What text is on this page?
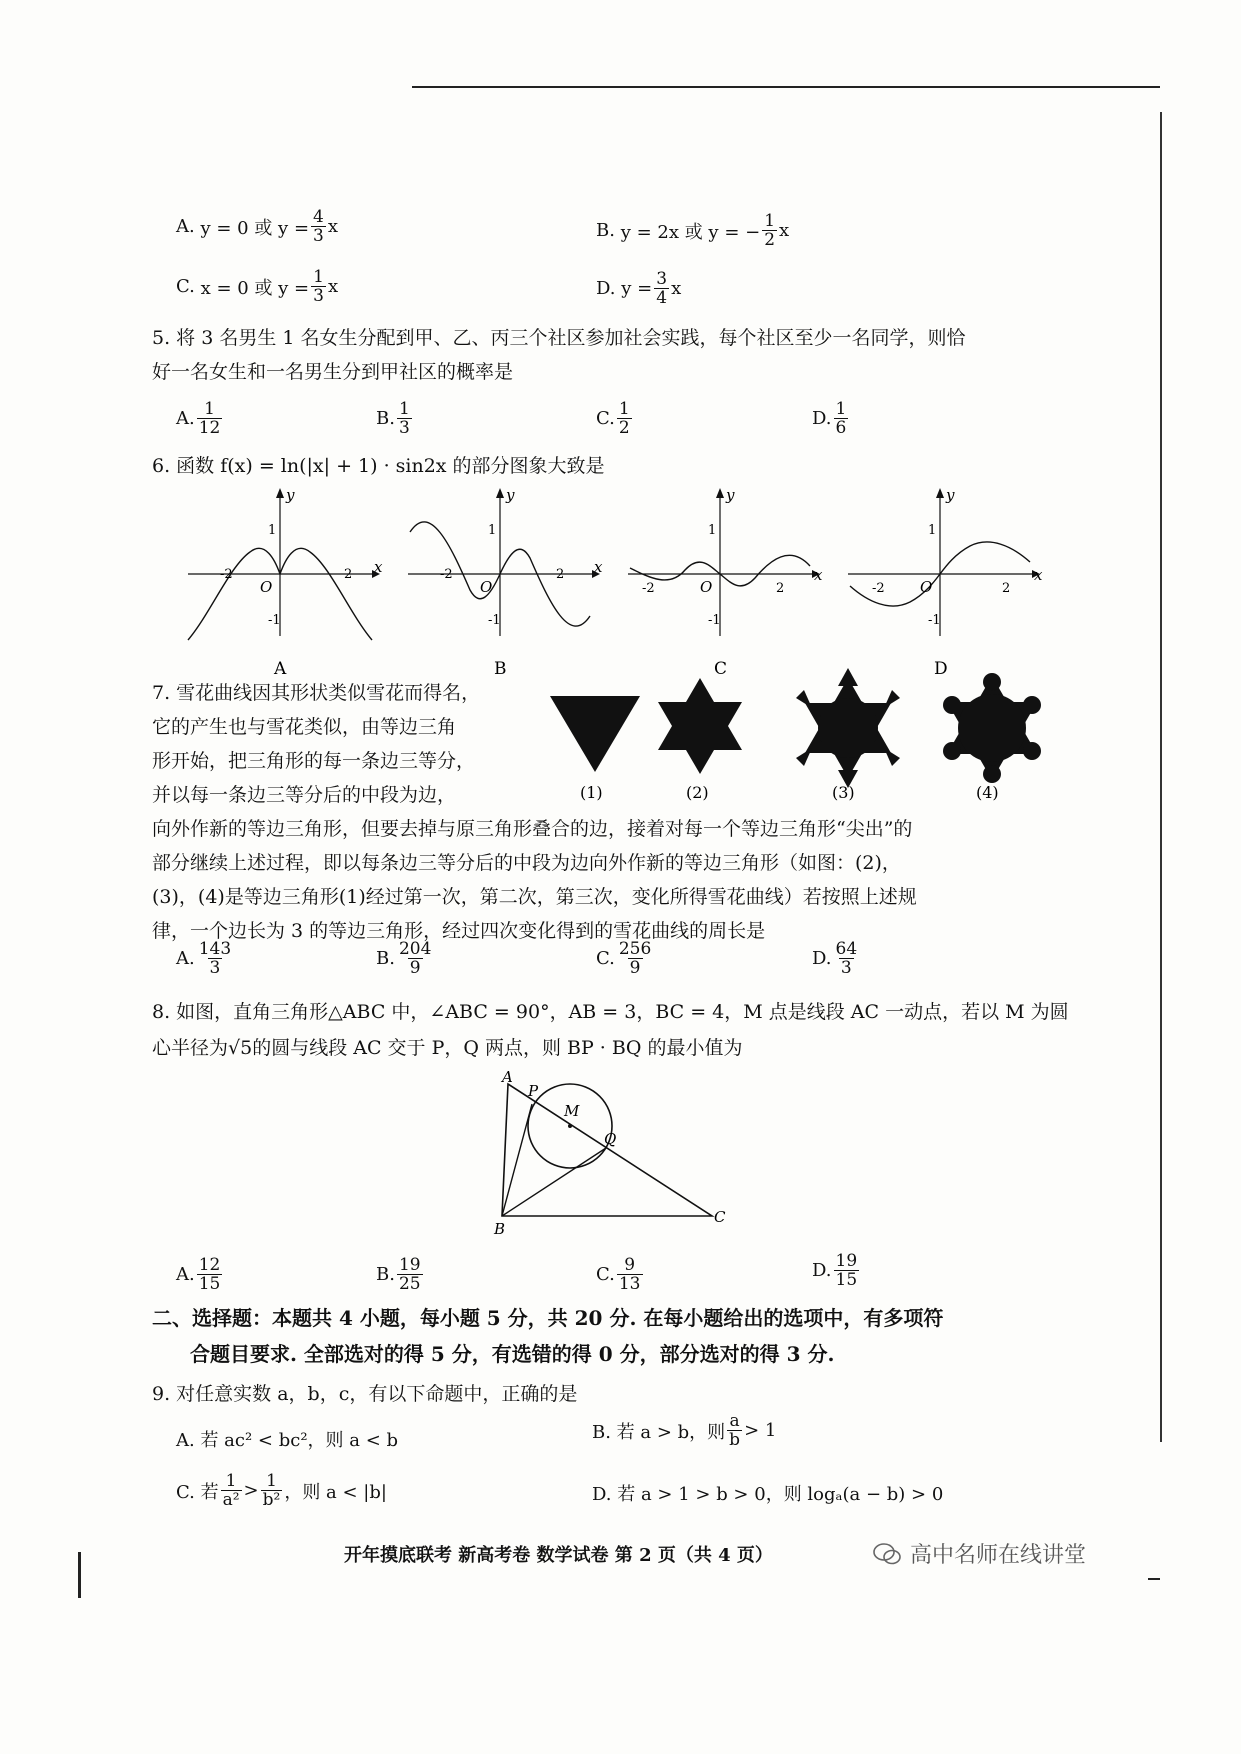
A.
y = 0 或 $y = \frac{4}{3}$ x	B.
y = 2x 或 y = − $\frac{1}{2}$ x
C.
x = 0 或 $y = \frac{1}{3}$ x	D.
$y = \frac{3}{4}$ x
5. 将 3 名男生 1 名女生分配到甲、乙、丙三个社区参加社会实践，每个社区至少一名同学，则恰
好一名女生和一名男生分到甲社区的概率是
A. $\frac{1}{12}$	B. $\frac{1}{3}$	C. $\frac{1}{2}$	D. $\frac{1}{6}$
6. 函数 f(x) = ln(|x| + 1) · sin2x 的部分图象大致是
y
x
O
1
-1
-2	2
A
y
x
O
1
-1
-2	2
B
y
x
O
1
-1
-2	2
C
y
x
O
1
-1
-2	2
D
7. 雪花曲线因其形状类似雪花而得名，
它的产生也与雪花类似，由等边三角
形开始，把三角形的每一条边三等分，
并以每一条边三等分后的中段为边，
向外作新的等边三角形，但要去掉与原三角形叠合的边，接着对每一个等边三角形“尖出”的
部分继续上述过程，即以每条边三等分后的中段为边向外作新的等边三角形（如图：(2)，
(3)，(4)是等边三角形(1)经过第一次，第二次，第三次，变化所得雪花曲线）若按照上述规
律，一个边长为 3 的等边三角形，经过四次变化得到的雪花曲线的周长是
(1)	(2)	(3)	(4)
A. $\frac{143}{3}$	B. $\frac{204}{9}$	C. $\frac{256}{9}$	D. $\frac{64}{3}$
8. 如图，直角三角形△ABC 中，∠ABC = 90°，AB = 3，BC = 4，M 点是线段 AC 一动点，若以 M 为圆
心半径为√5的圆与线段 AC 交于 P，Q 两点，则 BP · BQ 的最小值为
A
P
M
Q
B
C
A. $\frac{12}{15}$	B. $\frac{19}{25}$	C. $\frac{9}{13}$	D. $\frac{19}{15}$
二、选择题：本题共 4 小题，每小题 5 分，共 20 分. 在每小题给出的选项中，有多项符
合题目要求. 全部选对的得 5 分，有选错的得 0 分，部分选对的得 3 分.
9. 对任意实数 a，b，c，有以下命题中，正确的是
A. 若 ac² < bc²，则 a < b	B. 若 a > b，则 $\frac{a}{b} > 1$
C. 若 $\frac{1}{\text{a²}} > \frac{1}{\text{b²}}$ ，则 a < |b|	D. 若 a > 1 > b > 0，则 logₐ(a − b) > 0
开年摸底联考 新高考卷 数学试卷 第 2 页（共 4 页）	高中名师在线讲堂
